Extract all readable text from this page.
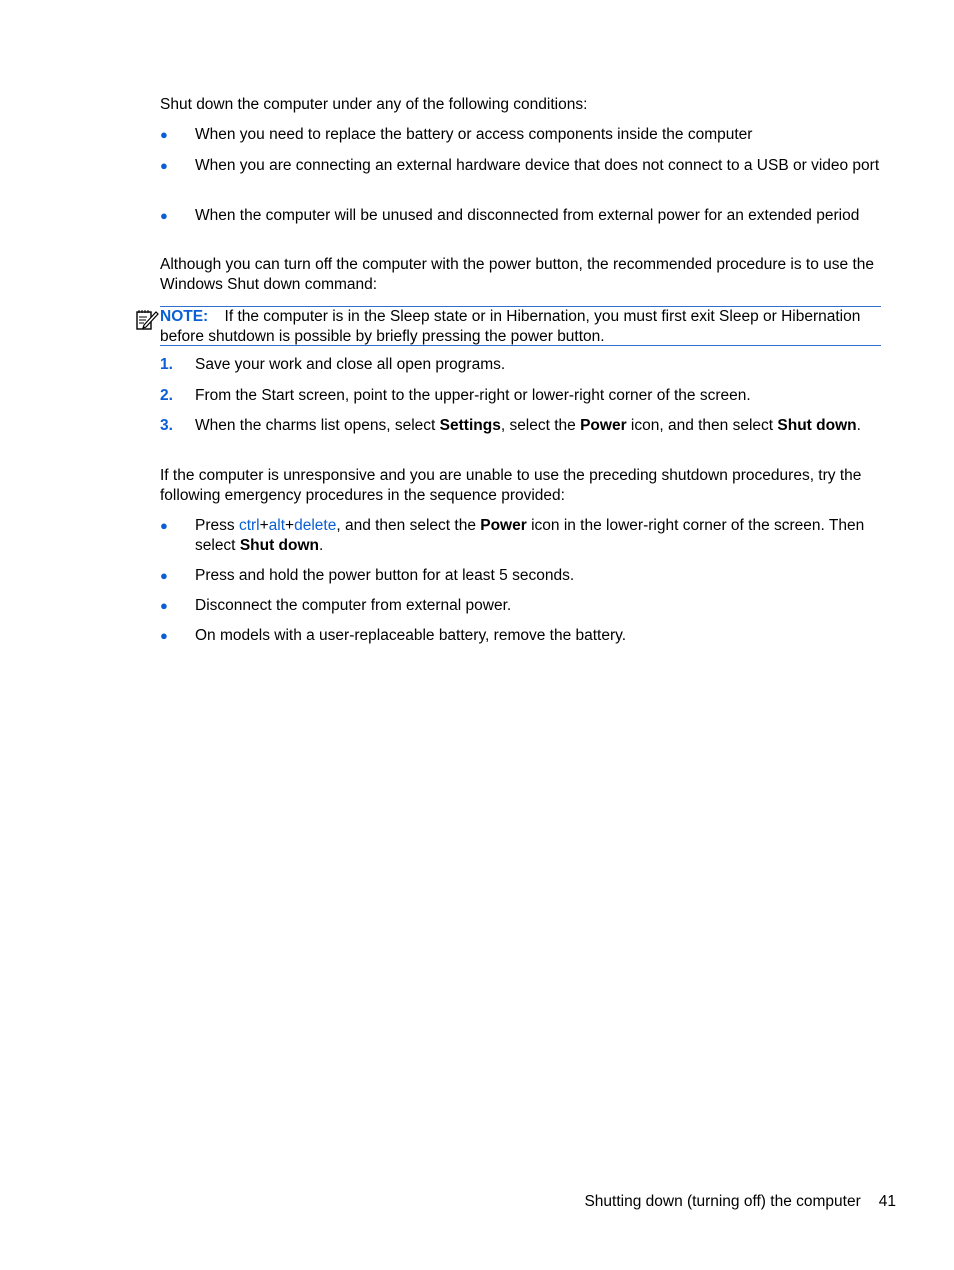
Shut down the computer under any of the following conditions:

● When you need to replace the battery or access components inside the computer
● When you are connecting an external hardware device that does not connect to a USB or video port
● When the computer will be unused and disconnected from external power for an extended period

Although you can turn off the computer with the power button, the recommended procedure is to use the Windows Shut down command:

NOTE: If the computer is in the Sleep state or in Hibernation, you must first exit Sleep or Hibernation before shutdown is possible by briefly pressing the power button.
1. Save your work and close all open programs.
2. From the Start screen, point to the upper-right or lower-right corner of the screen.
3. When the charms list opens, select Settings, select the Power icon, and then select Shut down.

If the computer is unresponsive and you are unable to use the preceding shutdown procedures, try the following emergency procedures in the sequence provided:

● Press ctrl+alt+delete, and then select the Power icon in the lower-right corner of the screen. Then select Shut down.
● Press and hold the power button for at least 5 seconds.
● Disconnect the computer from external power.
● On models with a user-replaceable battery, remove the battery.
Shutting down (turning off) the computer 41
